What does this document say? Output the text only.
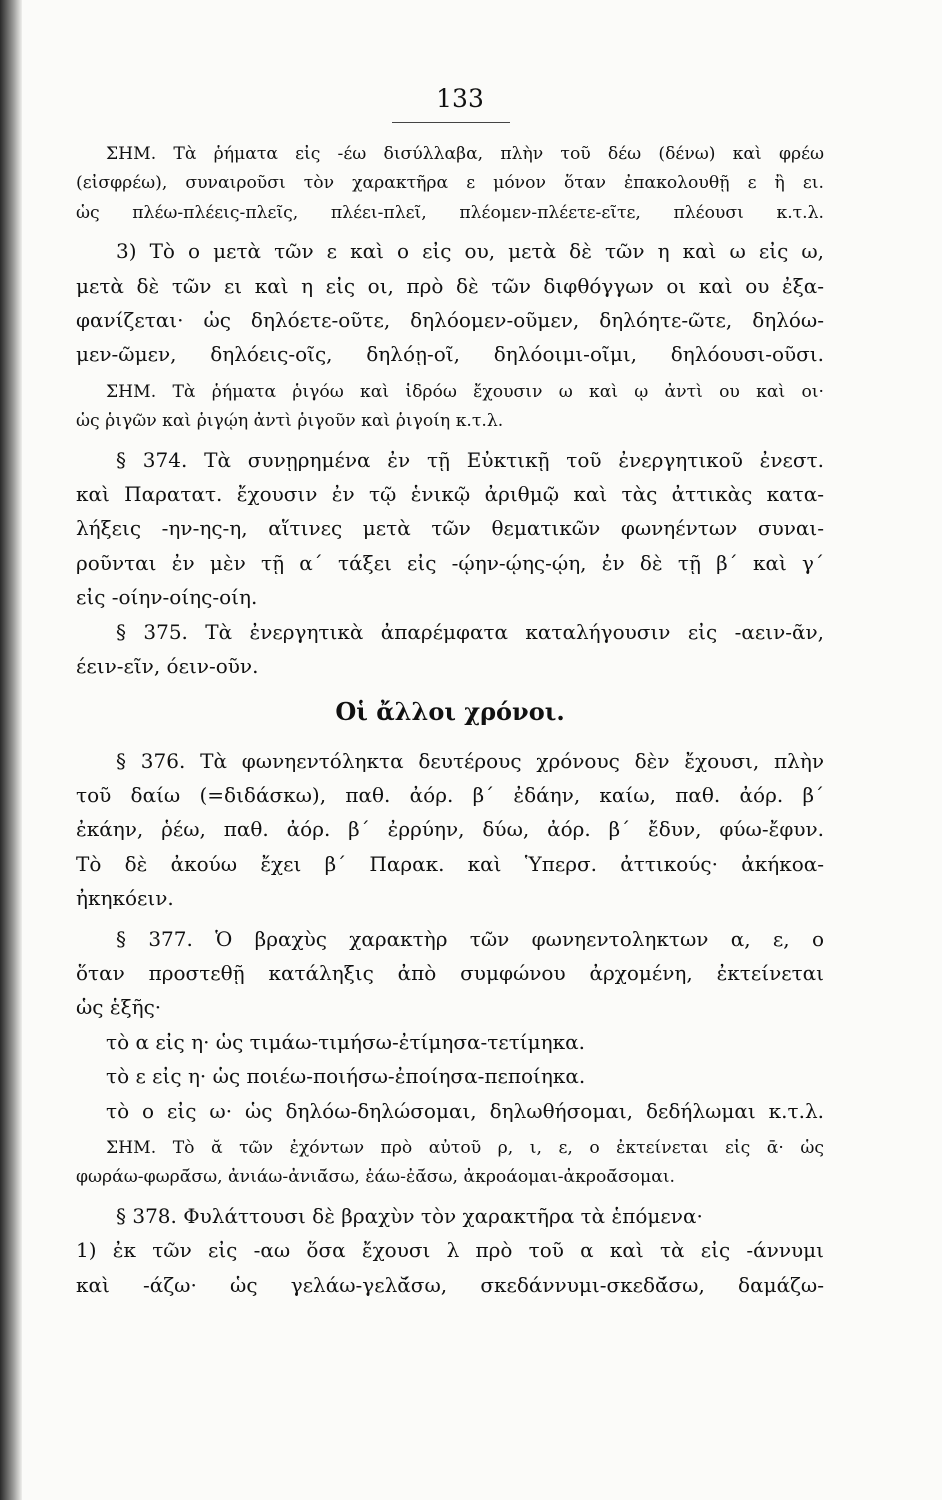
133
ΣΗΜ. Τὰ ῥήματα εἰς -έω δισύλλαβα, πλὴν τοῦ δέω (δένω) καὶ φρέω
(εἰσφρέω), συναιροῦσι τὸν χαρακτῆρα ε μόνον ὅταν ἐπακολουθῇ ε ἢ ει.
ὡς πλέω-πλέεις-πλεῖς, πλέει-πλεῖ, πλέομεν-πλέετε-εῖτε, πλέουσι κ.τ.λ.
3) Τὸ ο μετὰ τῶν ε καὶ ο εἰς ου, μετὰ δὲ τῶν η καὶ ω εἰς ω,
μετὰ δὲ τῶν ει καὶ η εἰς οι, πρὸ δὲ τῶν διφθόγγων οι καὶ ου ἐξα-
φανίζεται· ὡς δηλόετε-οῦτε, δηλόομεν-οῦμεν, δηλόητε-ῶτε, δηλόω-
μεν-ῶμεν, δηλόεις-οῖς, δηλόῃ-οῖ, δηλόοιμι-οῖμι, δηλόουσι-οῦσι.
ΣΗΜ. Τὰ ῥήματα ῥιγόω καὶ ἱδρόω ἔχουσιν ω καὶ ῳ ἀντὶ ου καὶ οι·
ὡς ῥιγῶν καὶ ῥιγῴη ἀντὶ ῥιγοῦν καὶ ῥιγοίη κ.τ.λ.
§ 374. Τὰ συνῃρημένα ἐν τῇ Εὐκτικῇ τοῦ ἐνεργητικοῦ ἐνεστ.
καὶ Παρατατ. ἔχουσιν ἐν τῷ ἑνικῷ ἀριθμῷ καὶ τὰς ἀττικὰς κατα-
λήξεις -ην-ης-η, αἵτινες μετὰ τῶν θεματικῶν φωνηέντων συναι-
ροῦνται ἐν μὲν τῇ α´ τάξει εἰς -ῴην-ῴης-ῴη, ἐν δὲ τῇ β´ καὶ γ´
εἰς -οίην-οίης-οίη.
§ 375. Τὰ ἐνεργητικὰ ἀπαρέμφατα καταλήγουσιν εἰς -αειν-ᾶν,
έειν-εῖν, όειν-οῦν.
Οἱ ἄλλοι χρόνοι.
§ 376. Τὰ φωνηεντόληκτα δευτέρους χρόνους δὲν ἔχουσι, πλὴν
τοῦ δαίω (=διδάσκω), παθ. ἀόρ. β´ ἐδάην, καίω, παθ. ἀόρ. β´
ἐκάην, ῥέω, παθ. ἀόρ. β´ ἐρρύην, δύω, ἀόρ. β´ ἔδυν, φύω-ἔφυν.
Τὸ δὲ ἀκούω ἔχει β´ Παρακ. καὶ Ὑπερσ. ἀττικούς· ἀκήκοα-
ἠκηκόειν.
§ 377. Ὁ βραχὺς χαρακτὴρ τῶν φωνηεντοληκτων α, ε, ο
ὅταν προστεθῇ κατάληξις ἀπὸ συμφώνου ἀρχομένη, ἐκτείνεται
ὡς ἑξῆς·
τὸ α εἰς η· ὡς τιμάω-τιμήσω-ἐτίμησα-τετίμηκα.
τὸ ε εἰς η· ὡς ποιέω-ποιήσω-ἐποίησα-πεποίηκα.
τὸ ο εἰς ω· ὡς δηλόω-δηλώσομαι, δηλωθήσομαι, δεδήλωμαι κ.τ.λ.
ΣΗΜ. Τὸ ᾰ τῶν ἐχόντων πρὸ αὐτοῦ ρ, ι, ε, ο ἐκτείνεται εἰς ᾱ· ὡς
φωράω-φωρᾱ́σω, ἀνιάω-ἀνιᾱ́σω, ἐάω-ἐᾱ́σω, ἀκροάομαι-ἀκροᾱ́σομαι.
§ 378. Φυλάττουσι δὲ βραχὺν τὸν χαρακτῆρα τὰ ἑπόμενα·
1) ἐκ τῶν εἰς -αω ὅσα ἔχουσι λ πρὸ τοῦ α καὶ τὰ εἰς -άννυμι
καὶ -άζω· ὡς γελάω-γελᾰ́σω, σκεδάννυμι-σκεδᾰ́σω, δαμάζω-
